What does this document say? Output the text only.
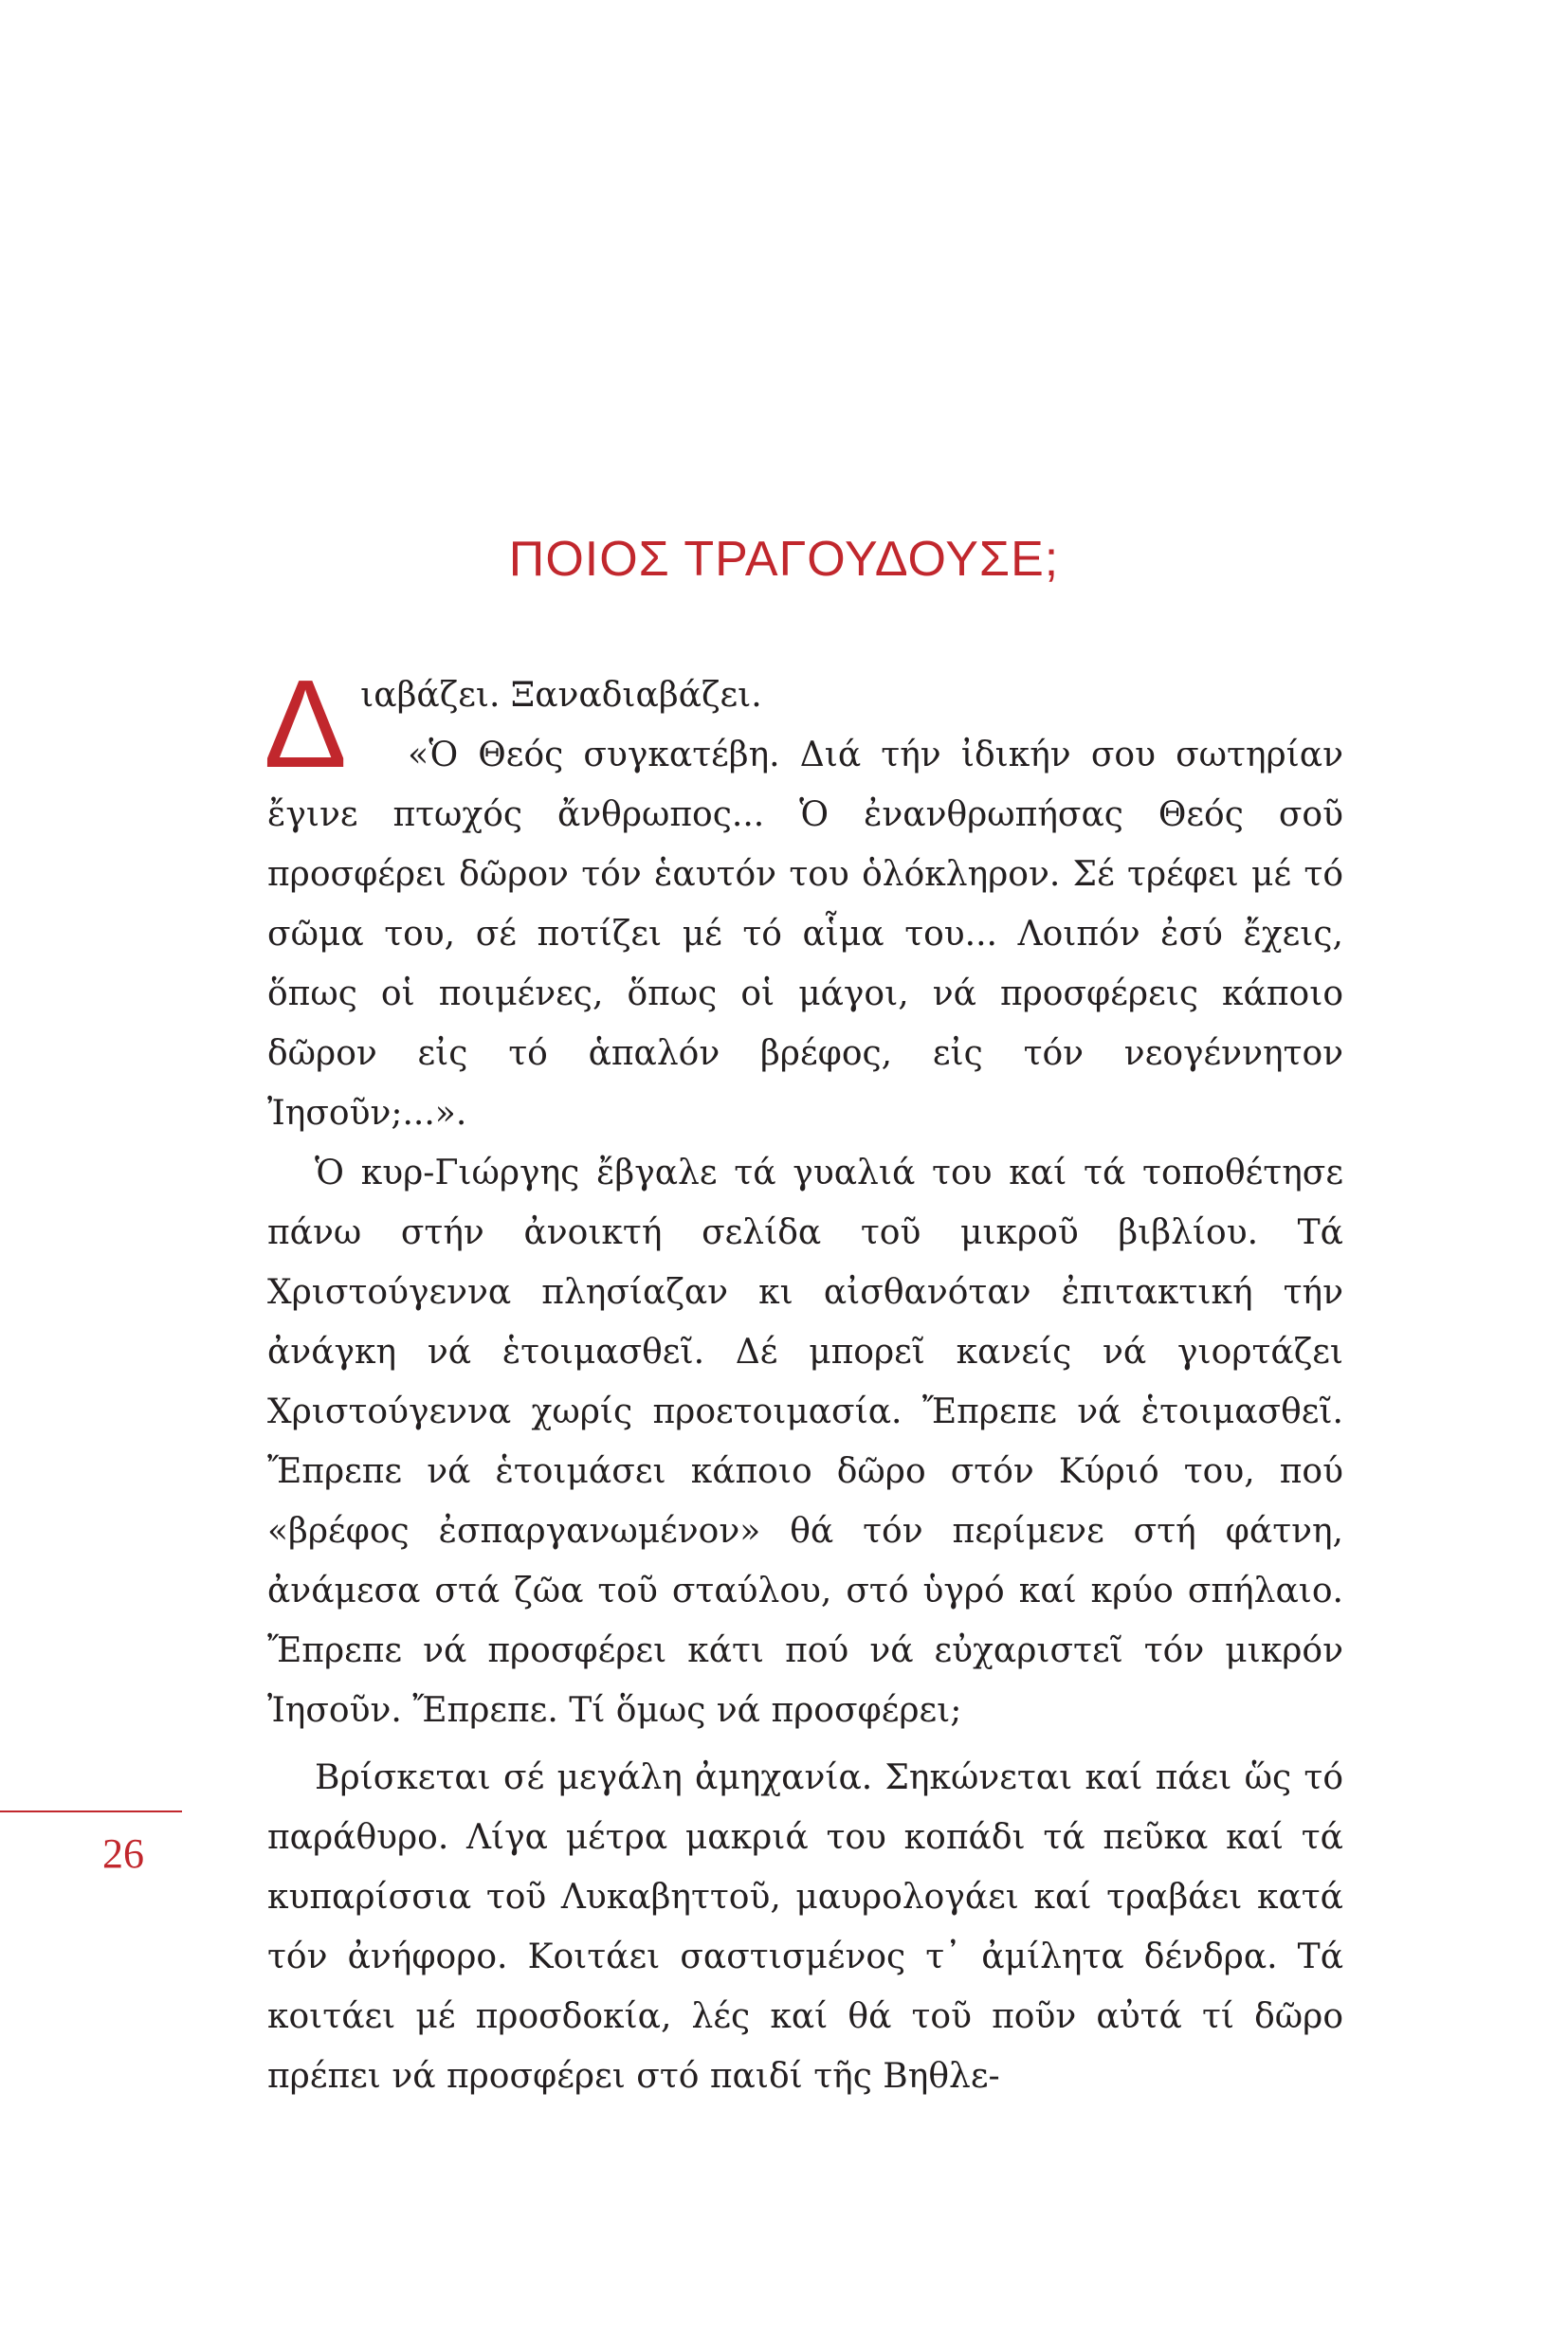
ΠΟΙΟΣ ΤΡΑΓΟΥΔΟΥΣΕ;
26

Δ ιαβάζει. Ξαναδιαβάζει.
«Ὁ Θεός συγκατέβη. Διά τήν ἰδικήν σου σωτηρίαν ἔγινε πτωχός ἄνθρωπος... Ὁ ἐνανθρωπήσας Θεός σοῦ προσφέρει δῶρον τόν ἑαυτόν του ὁλόκληρον. Σέ τρέφει μέ τό σῶμα του, σέ ποτίζει μέ τό αἷμα του... Λοιπόν ἐσύ ἔχεις, ὅπως οἱ ποιμένες, ὅπως οἱ μάγοι, νά προσφέρεις κάποιο δῶρον εἰς τό ἁπαλόν βρέφος, εἰς τόν νεογέννητον Ἰησοῦν;...».

Ὁ κυρ-Γιώργης ἔβγαλε τά γυαλιά του καί τά τοποθέτησε πάνω στήν ἀνοικτή σελίδα τοῦ μικροῦ βιβλίου. Τά Χριστούγεννα πλησίαζαν κι αἰσθανόταν ἐπιτακτική τήν ἀνάγκη νά ἑτοιμασθεῖ. Δέ μπορεῖ κανείς νά γιορτάζει Χριστούγεννα χωρίς προετοιμασία. Ἔπρεπε νά ἑτοιμασθεῖ. Ἔπρεπε νά ἑτοιμάσει κάποιο δῶρο στόν Κύριό του, πού «βρέφος ἐσπαργανωμένον» θά τόν περίμενε στή φάτνη, ἀνάμεσα στά ζῶα τοῦ σταύλου, στό ὑγρό καί κρύο σπήλαιο. Ἔπρεπε νά προσφέρει κάτι πού νά εὐχαριστεῖ τόν μικρόν Ἰησοῦν. Ἔπρεπε. Τί ὅμως νά προσφέρει;

Βρίσκεται σέ μεγάλη ἀμηχανία. Σηκώνεται καί πάει ὥς τό παράθυρο. Λίγα μέτρα μακριά του κοπάδι τά πεῦκα καί τά κυπαρίσσια τοῦ Λυκαβηττοῦ, μαυρολογάει καί τραβάει κατά τόν ἀνήφορο. Κοιτάει σαστισμένος τ᾿ ἀμίλητα δένδρα. Τά κοιτάει μέ προσδοκία, λές καί θά τοῦ ποῦν αὐτά τί δῶρο πρέπει νά προσφέρει στό παιδί τῆς Βηθλε-
